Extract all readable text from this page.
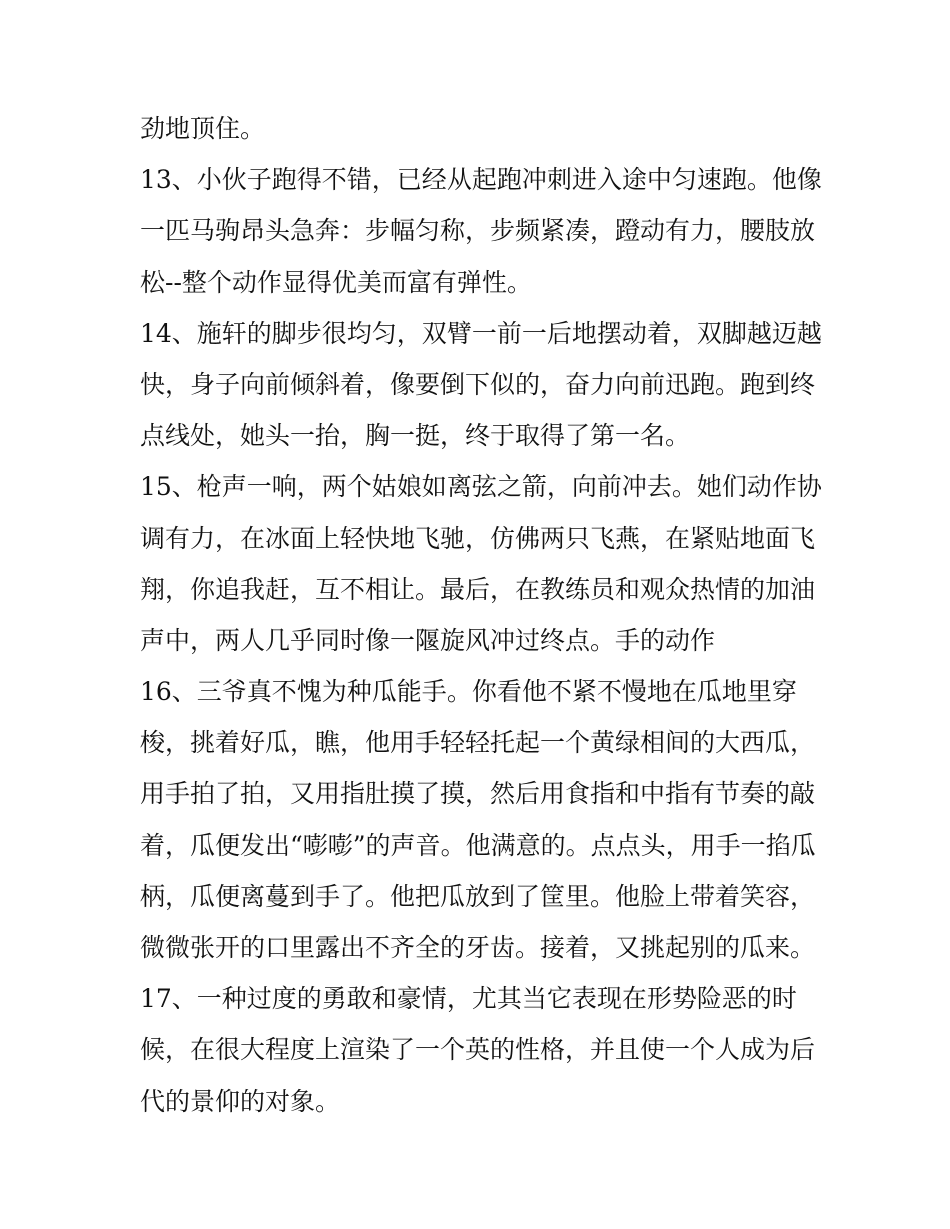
劲地顶住。
13、小伙子跑得不错，已经从起跑冲刺进入途中匀速跑。他像
一匹马驹昂头急奔：步幅匀称，步频紧凑，蹬动有力，腰肢放
松--整个动作显得优美而富有弹性。
14、施轩的脚步很均匀，双臂一前一后地摆动着，双脚越迈越
快，身子向前倾斜着，像要倒下似的，奋力向前迅跑。跑到终
点线处，她头一抬，胸一挺，终于取得了第一名。
15、枪声一响，两个姑娘如离弦之箭，向前冲去。她们动作协
调有力，在冰面上轻快地飞驰，仿佛两只飞燕，在紧贴地面飞
翔，你追我赶，互不相让。最后，在教练员和观众热情的加油
声中，两人几乎同时像一隁旋风冲过终点。手的动作
16、三爷真不愧为种瓜能手。你看他不紧不慢地在瓜地里穿
梭，挑着好瓜，瞧，他用手轻轻托起一个黄绿相间的大西瓜，
用手拍了拍，又用指肚摸了摸，然后用食指和中指有节奏的敲
着，瓜便发出“嘭嘭”的声音。他满意的。点点头，用手一掐瓜
柄，瓜便离蔓到手了。他把瓜放到了筐里。他脸上带着笑容，
微微张开的口里露出不齐全的牙齿。接着，又挑起别的瓜来。
17、一种过度的勇敢和豪情，尤其当它表现在形势险恶的时
候，在很大程度上渲染了一个英的性格，并且使一个人成为后
代的景仰的对象。
